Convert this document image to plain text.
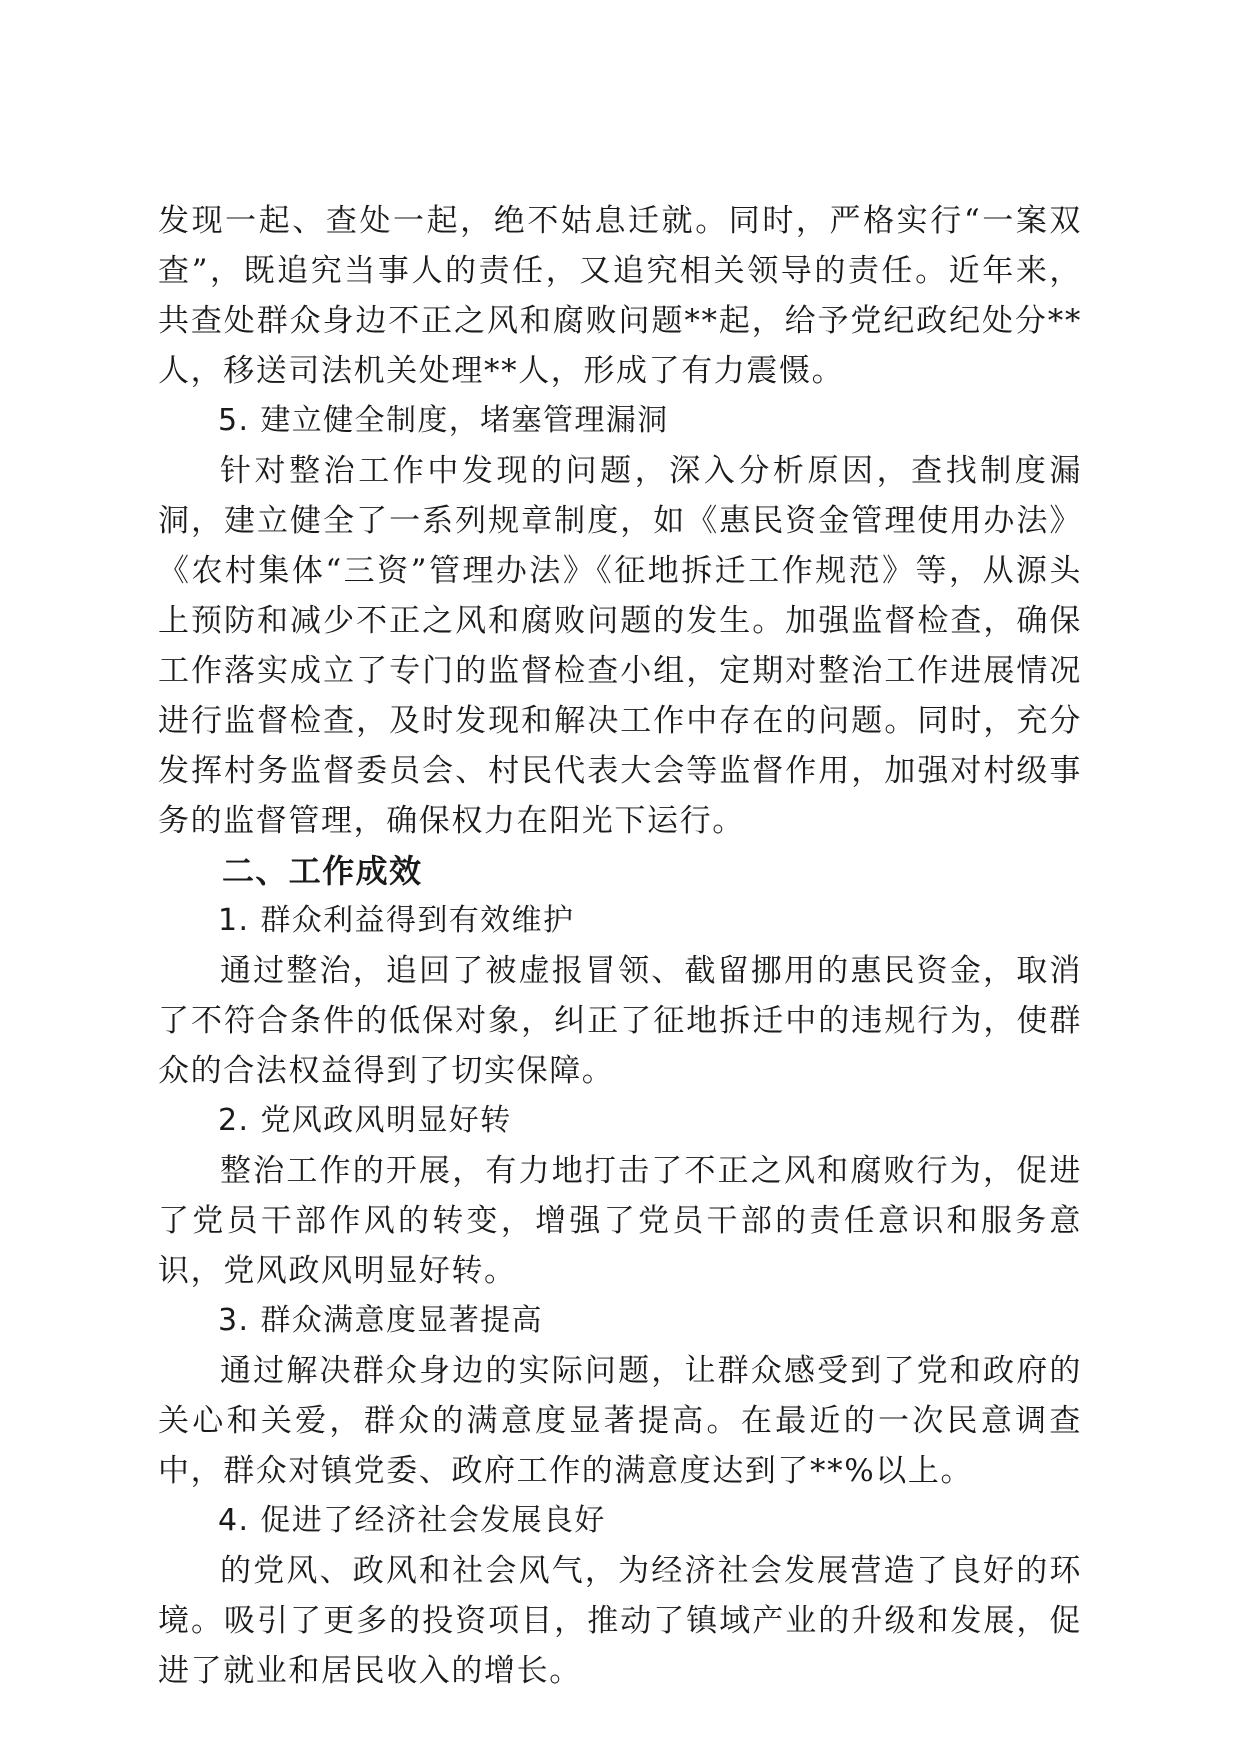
发现一起、查处一起，绝不姑息迁就。同时，严格实行“一案双查”，既追究当事人的责任，又追究相关领导的责任。近年来，共查处群众身边不正之风和腐败问题**起，给予党纪政纪处分**人，移送司法机关处理**人，形成了有力震慑。

5. 建立健全制度，堵塞管理漏洞

针对整治工作中发现的问题，深入分析原因，查找制度漏洞，建立健全了一系列规章制度，如《惠民资金管理使用办法》《农村集体“三资”管理办法》《征地拆迁工作规范》等，从源头上预防和减少不正之风和腐败问题的发生。加强监督检查，确保工作落实成立了专门的监督检查小组，定期对整治工作进展情况进行监督检查，及时发现和解决工作中存在的问题。同时，充分发挥村务监督委员会、村民代表大会等监督作用，加强对村级事务的监督管理，确保权力在阳光下运行。

二、工作成效

1. 群众利益得到有效维护

通过整治，追回了被虚报冒领、截留挪用的惠民资金，取消了不符合条件的低保对象，纠正了征地拆迁中的违规行为，使群众的合法权益得到了切实保障。

2. 党风政风明显好转

整治工作的开展，有力地打击了不正之风和腐败行为，促进了党员干部作风的转变，增强了党员干部的责任意识和服务意识，党风政风明显好转。

3. 群众满意度显著提高

通过解决群众身边的实际问题，让群众感受到了党和政府的关心和关爱，群众的满意度显著提高。在最近的一次民意调查中，群众对镇党委、政府工作的满意度达到了**%以上。

4. 促进了经济社会发展良好

的党风、政风和社会风气，为经济社会发展营造了良好的环境。吸引了更多的投资项目，推动了镇域产业的升级和发展，促进了就业和居民收入的增长。
